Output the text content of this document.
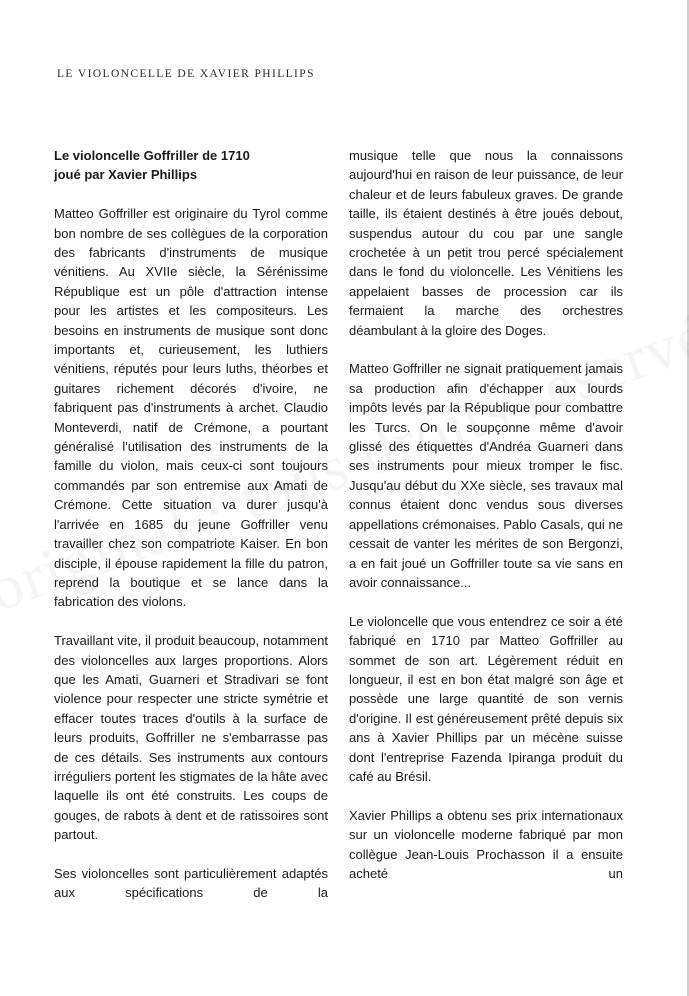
LE VIOLONCELLE DE XAVIER PHILLIPS
Le violoncelle Goffriller de 1710
joué par Xavier Phillips

Matteo Goffriller est originaire du Tyrol comme bon nombre de ses collègues de la corporation des fabricants d'instruments de musique vénitiens. Au XVIIe siècle, la Sérénissime République est un pôle d'attraction intense pour les artistes et les compositeurs. Les besoins en instruments de musique sont donc importants et, curieusement, les luthiers vénitiens, réputés pour leurs luths, théorbes et guitares richement décorés d'ivoire, ne fabriquent pas d'instruments à archet. Claudio Monteverdi, natif de Crémone, a pourtant généralisé l'utilisation des instruments de la famille du violon, mais ceux-ci sont toujours commandés par son entremise aux Amati de Crémone. Cette situation va durer jusqu'à l'arrivée en 1685 du jeune Goffriller venu travailler chez son compatriote Kaiser. En bon disciple, il épouse rapidement la fille du patron, reprend la boutique et se lance dans la fabrication des violons.

Travaillant vite, il produit beaucoup, notamment des violoncelles aux larges proportions. Alors que les Amati, Guarneri et Stradivari se font violence pour respecter une stricte symétrie et effacer toutes traces d'outils à la surface de leurs produits, Goffriller ne s'embarrasse pas de ces détails. Ses instruments aux contours irréguliers portent les stigmates de la hâte avec laquelle ils ont été construits. Les coups de gouges, de rabots à dent et de ratissoires sont partout.

Ses violoncelles sont particulièrement adaptés aux spécifications de la

musique telle que nous la connaissons aujourd'hui en raison de leur puissance, de leur chaleur et de leurs fabuleux graves. De grande taille, ils étaient destinés à être joués debout, suspendus autour du cou par une sangle crochetée à un petit trou percé spécialement dans le fond du violoncelle. Les Vénitiens les appelaient basses de procession car ils fermaient la marche des orchestres déambulant à la gloire des Doges.

Matteo Goffriller ne signait pratiquement jamais sa production afin d'échapper aux lourds impôts levés par la République pour combattre les Turcs. On le soupçonne même d'avoir glissé des étiquettes d'Andréa Guarneri dans ses instruments pour mieux tromper le fisc. Jusqu'au début du XXe siècle, ses travaux mal connus étaient donc vendus sous diverses appellations crémonaises. Pablo Casals, qui ne cessait de vanter les mérites de son Bergonzi, a en fait joué un Goffriller toute sa vie sans en avoir connaissance...

Le violoncelle que vous entendrez ce soir a été fabriqué en 1710 par Matteo Goffriller au sommet de son art. Légèrement réduit en longueur, il est en bon état malgré son âge et possède une large quantité de son vernis d'origine. Il est généreusement prêté depuis six ans à Xavier Phillips par un mécène suisse dont l'entreprise Fazenda Ipiranga produit du café au Brésil.

Xavier Phillips a obtenu ses prix internationaux sur un violoncelle moderne fabriqué par mon collègue Jean-Louis Prochasson il a ensuite acheté un
